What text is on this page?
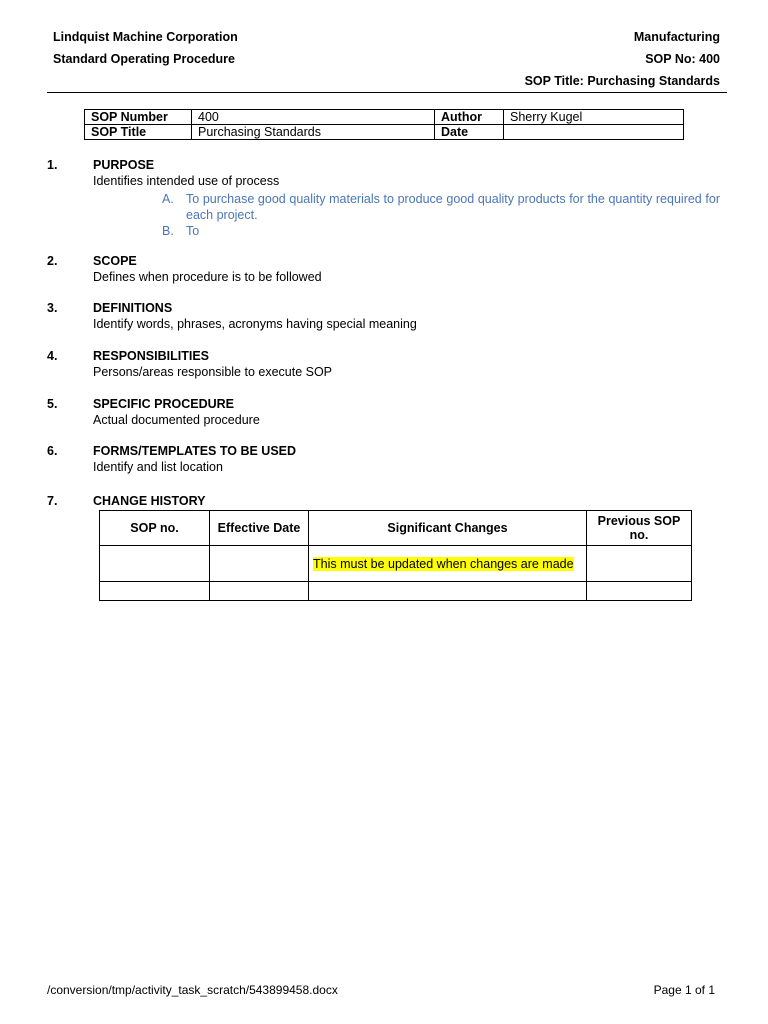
Lindquist Machine Corporation
Standard Operating Procedure
Manufacturing
SOP No: 400
SOP Title: Purchasing Standards
SOP Number	400	Author	Sherry Kugel
SOP Title	Purchasing Standards	Date	
1.	PURPOSE
Identifies intended use of process
A. To purchase good quality materials to produce good quality products for the quantity required for each project.
B. To
2.	SCOPE
Defines when procedure is to be followed
3.	DEFINITIONS
Identify words, phrases, acronyms having special meaning
4.	RESPONSIBILITIES
Persons/areas responsible to execute SOP
5.	SPECIFIC PROCEDURE
Actual documented procedure
6.	FORMS/TEMPLATES TO BE USED
Identify and list location
7.	CHANGE HISTORY
SOP no.	Effective Date	Significant Changes	Previous SOP no.
		This must be updated when changes are made	

/conversion/tmp/activity_task_scratch/543899458.docx	Page 1 of 1
